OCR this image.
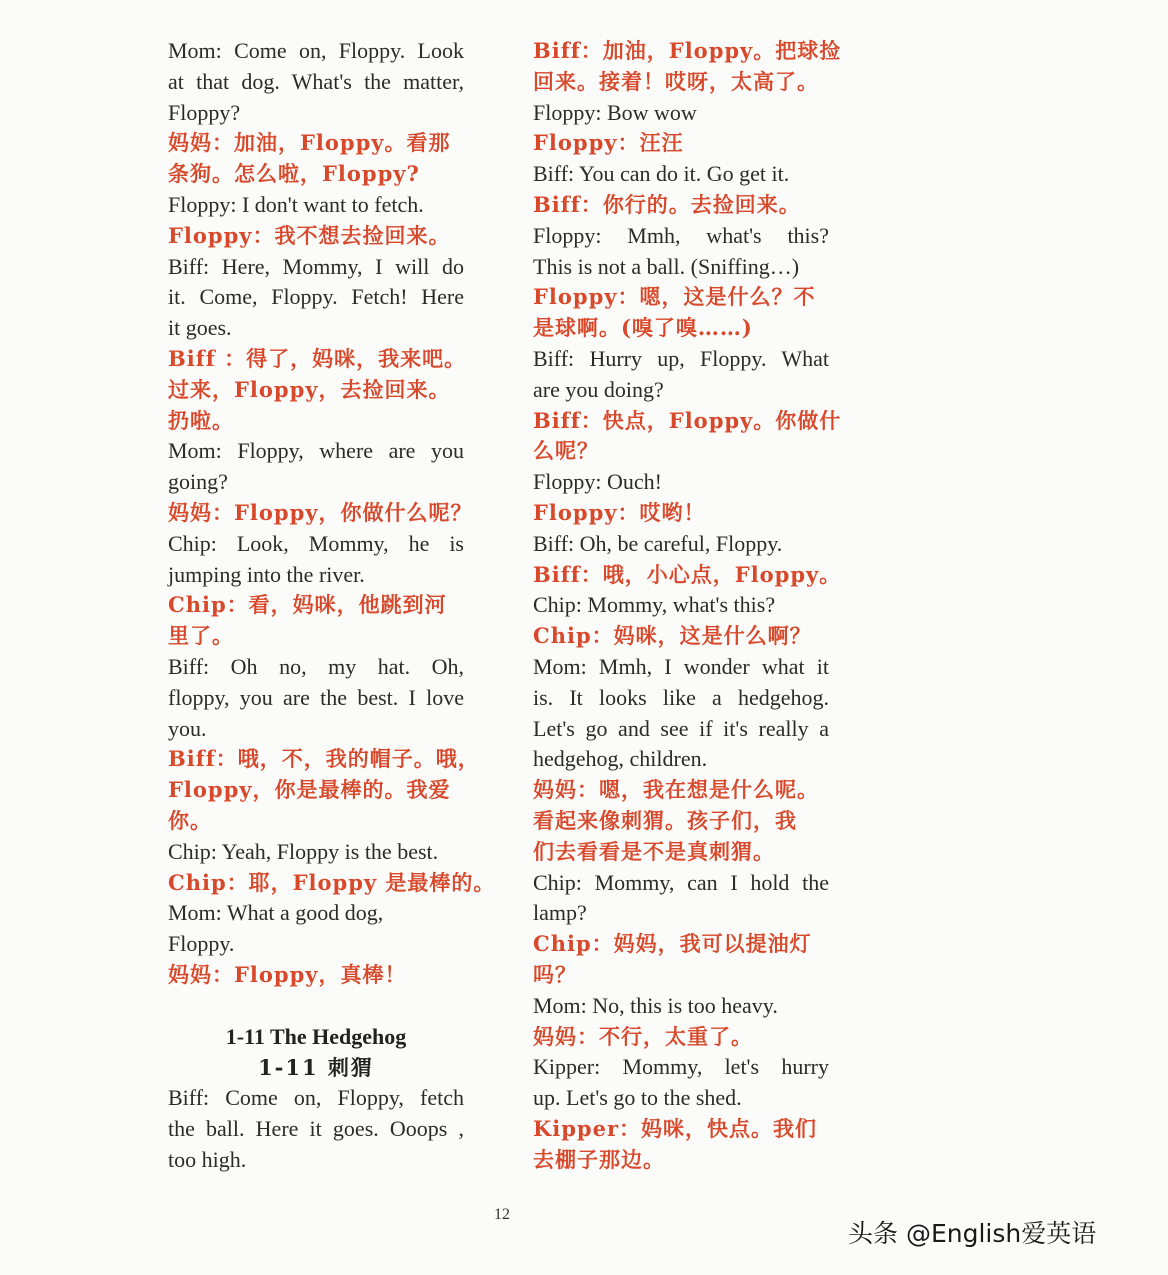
Mom: Come on, Floppy. Look
at that dog. What's the matter,
Floppy?
妈妈：加油，Floppy。看那
条狗。怎么啦，Floppy?
Floppy: I don't want to fetch.
Floppy：我不想去捡回来。
Biff: Here, Mommy, I will do
it. Come, Floppy. Fetch! Here
it goes.
Biff ：得了，妈咪，我来吧。
过来，Floppy，去捡回来。
扔啦。
Mom: Floppy, where are you
going?
妈妈：Floppy，你做什么呢？
Chip: Look, Mommy, he is
jumping into the river.
Chip：看，妈咪，他跳到河
里了。
Biff: Oh no, my hat. Oh,
floppy, you are the best. I love
you.
Biff：哦，不，我的帽子。哦，
Floppy，你是最棒的。我爱
你。
Chip: Yeah, Floppy is the best.
Chip：耶，Floppy 是最棒的。
Mom: What a good dog,
Floppy.
妈妈：Floppy，真棒！
1-11 The Hedgehog
1-11 刺猬
Biff: Come on, Floppy, fetch
the ball. Here it goes. Ooops ,
too high.
Biff：加油，Floppy。把球捡
回来。接着！哎呀，太高了。
Floppy: Bow wow
Floppy：汪汪
Biff: You can do it. Go get it.
Biff：你行的。去捡回来。
Floppy: Mmh, what's this?
This is not a ball. (Sniffing…)
Floppy：嗯，这是什么？不
是球啊。(嗅了嗅……)
Biff: Hurry up, Floppy. What
are you doing?
Biff：快点，Floppy。你做什
么呢？
Floppy: Ouch!
Floppy：哎哟！
Biff: Oh, be careful, Floppy.
Biff：哦，小心点，Floppy。
Chip: Mommy, what's this?
Chip：妈咪，这是什么啊？
Mom: Mmh, I wonder what it
is. It looks like a hedgehog.
Let's go and see if it's really a
hedgehog, children.
妈妈：嗯，我在想是什么呢。
看起来像刺猬。孩子们，我
们去看看是不是真刺猬。
Chip: Mommy, can I hold the
lamp?
Chip：妈妈，我可以提油灯
吗？
Mom: No, this is too heavy.
妈妈：不行，太重了。
Kipper: Mommy, let's hurry
up. Let's go to the shed.
Kipper：妈咪，快点。我们
去棚子那边。
12
头条 @English爱英语
